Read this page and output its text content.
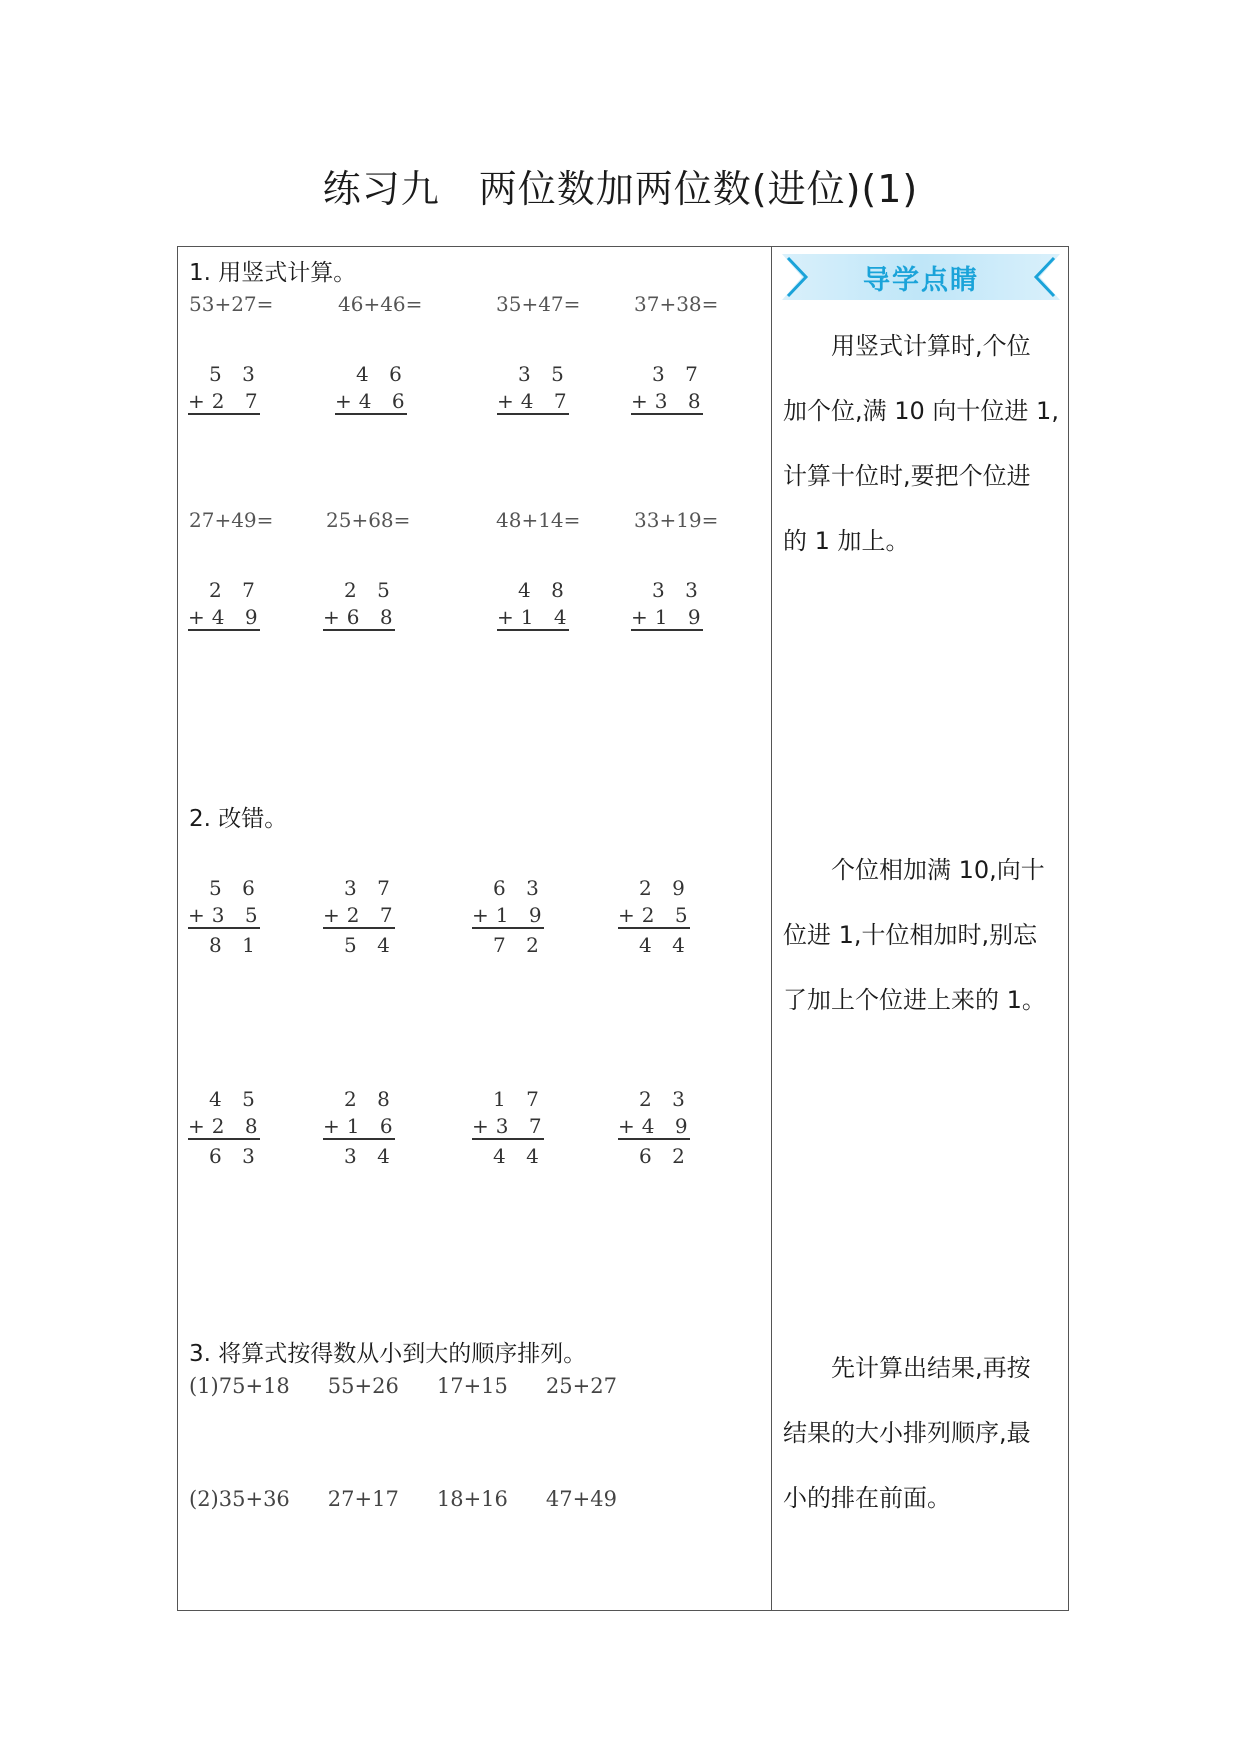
练习九　两位数加两位数(进位)(1)
1. 用竖式计算。
53+27=	46+46=	35+47=	37+38=
5 3
+2 7
4 6
+4 6
3 5
+4 7
3 7
+3 8
27+49=	25+68=	48+14=	33+19=
2 7
+4 9
2 5
+6 8
4 8
+1 4
3 3
+1 9
2. 改错。
5 6
+3 5
8 1
3 7
+2 7
5 4
6 3
+1 9
7 2
2 9
+2 5
4 4
4 5
+2 8
6 3
2 8
+1 6
3 4
1 7
+3 7
4 4
2 3
+4 9
6 2
3. 将算式按得数从小到大的顺序排列。
(1)75+18 55+26 17+15 25+27
(2)35+36 27+17 18+16 47+49
导学点睛
用竖式计算时,个位
加个位,满 10 向十位进 1,
计算十位时,要把个位进
的 1 加上。
个位相加满 10,向十
位进 1,十位相加时,别忘
了加上个位进上来的 1。
先计算出结果,再按
结果的大小排列顺序,最
小的排在前面。
